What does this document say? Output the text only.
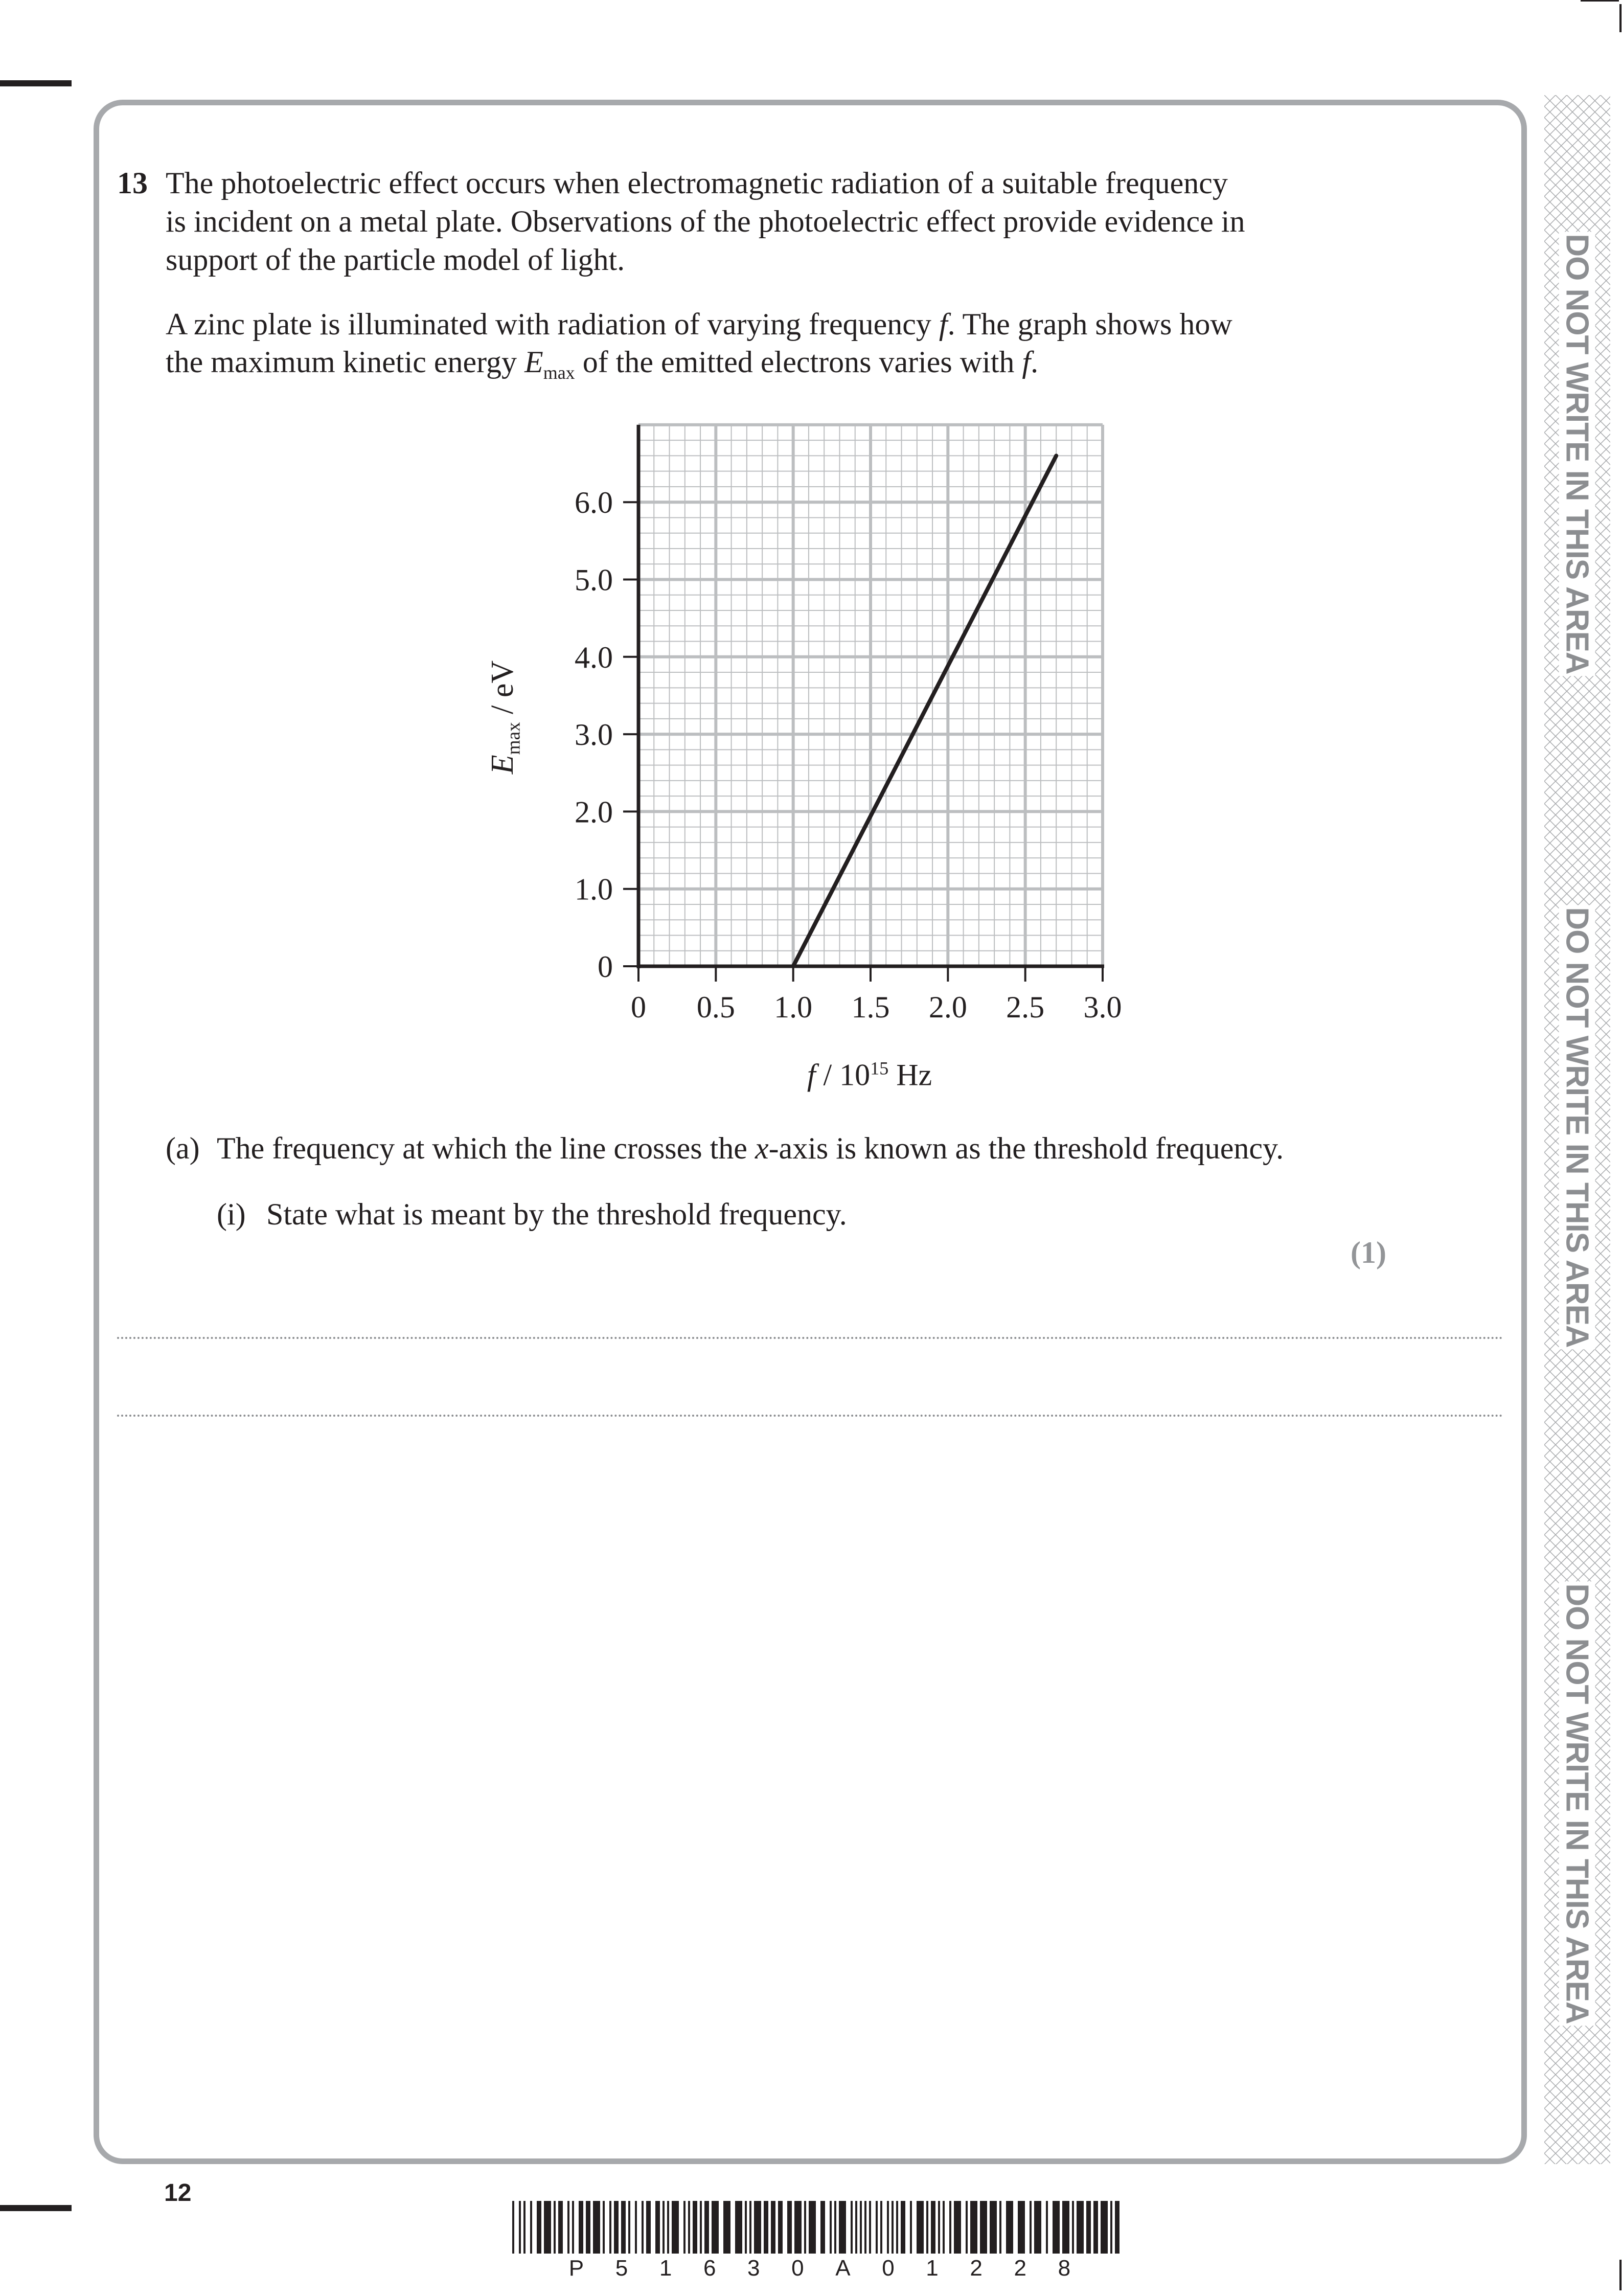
DO NOT WRITE IN THIS AREA
DO NOT WRITE IN THIS AREA
DO NOT WRITE IN THIS AREA
13 The photoelectric effect occurs when electromagnetic radiation of a suitable frequency
is incident on a metal plate. Observations of the photoelectric effect provide evidence in
support of the particle model of light.
A zinc plate is illuminated with radiation of varying frequency f. The graph shows how
the maximum kinetic energy $E_{max}$ of the emitted electrons varies with f.
0 0.5 1.0 1.5 2.0 2.5 3.0
0
1.0
2.0
3.0
4.0
5.0
6.0
$E_{max}$ / eV
f / $10^{15}$ Hz
(a) The frequency at which the line crosses the x-axis is known as the threshold frequency.
(i) State what is meant by the threshold frequency.
(1)
12
P 5 1 6 3 0 A 0 1 2 2 8
